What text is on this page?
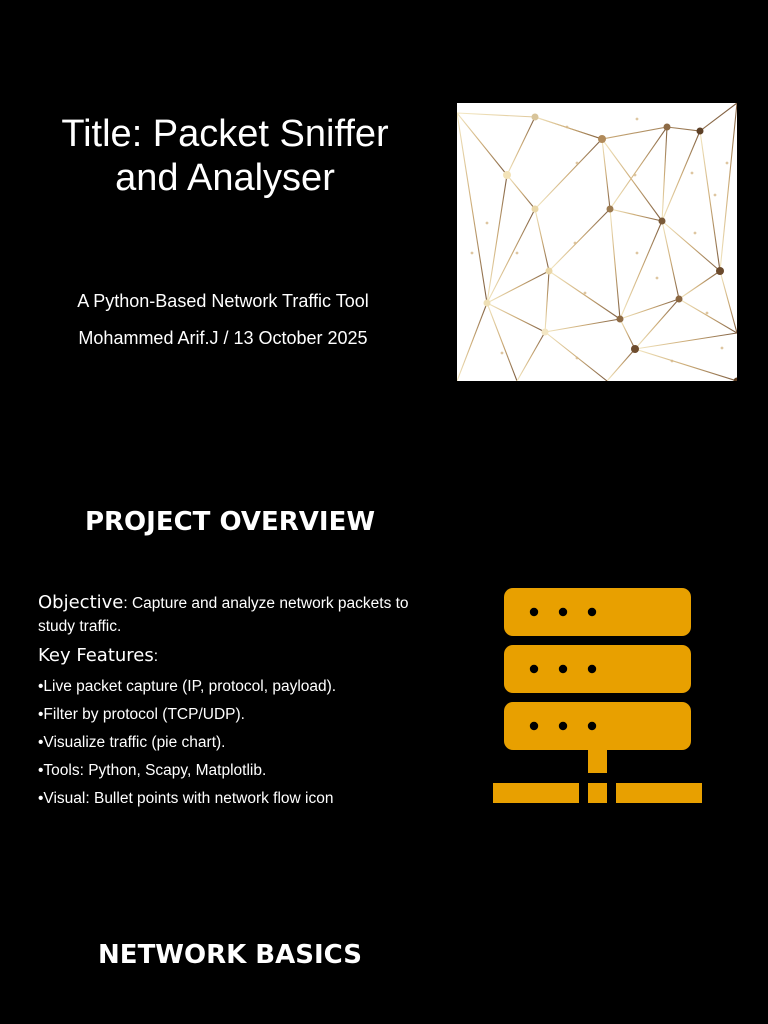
Title: Packet Sniffer
and Analyser

A Python-Based Network Traffic Tool

Mohammed Arif.J / 13 October 2025

PROJECT OVERVIEW

Objective: Capture and analyze network packets to study traffic.

Key Features:

•Live packet capture (IP, protocol, payload).

•Filter by protocol (TCP/UDP).

•Visualize traffic (pie chart).

•Tools: Python, Scapy, Matplotlib.

•Visual: Bullet points with network flow icon

NETWORK BASICS
